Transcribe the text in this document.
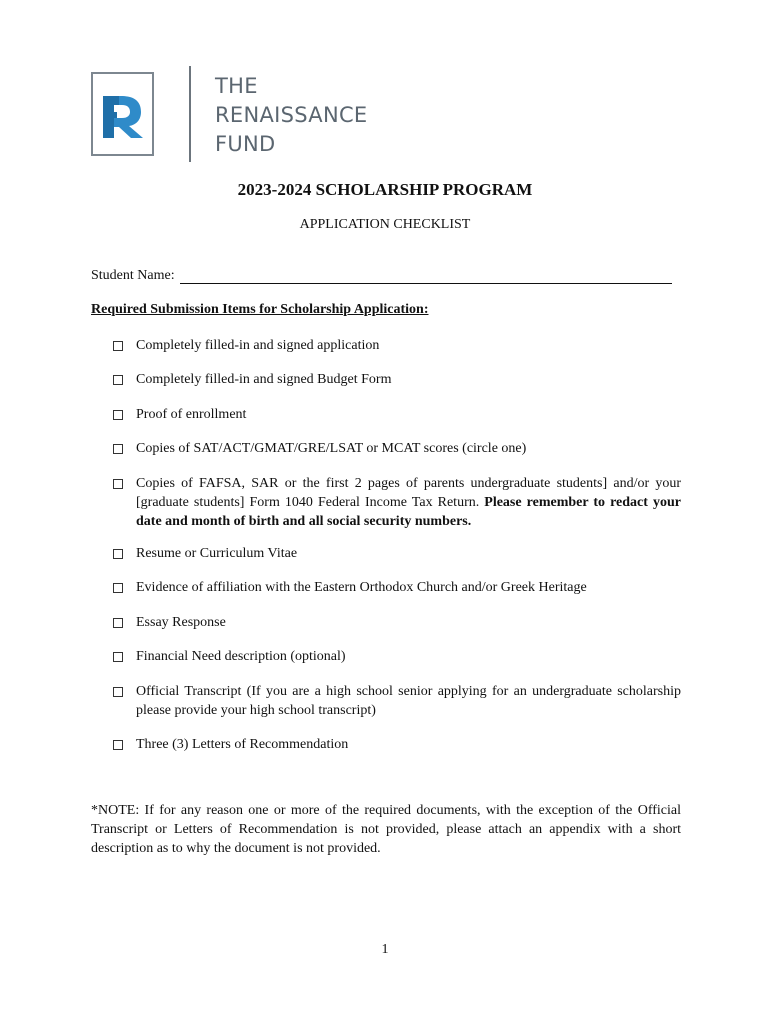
THE
RENAISSANCE
FUND
2023-2024 SCHOLARSHIP PROGRAM
APPLICATION CHECKLIST
Student Name:
Required Submission Items for Scholarship Application:
Completely filled-in and signed application
Completely filled-in and signed Budget Form
Proof of enrollment
Copies of SAT/ACT/GMAT/GRE/LSAT or MCAT scores (circle one)
Copies of FAFSA, SAR or the first 2 pages of parents undergraduate students] and/or your [graduate students] Form 1040 Federal Income Tax Return. Please remember to redact your date and month of birth and all social security numbers.
Resume or Curriculum Vitae
Evidence of affiliation with the Eastern Orthodox Church and/or Greek Heritage
Essay Response
Financial Need description (optional)
Official Transcript (If you are a high school senior applying for an undergraduate scholarship please provide your high school transcript)
Three (3) Letters of Recommendation
*NOTE: If for any reason one or more of the required documents, with the exception of the Official Transcript or Letters of Recommendation is not provided, please attach an appendix with a short description as to why the document is not provided.
1
